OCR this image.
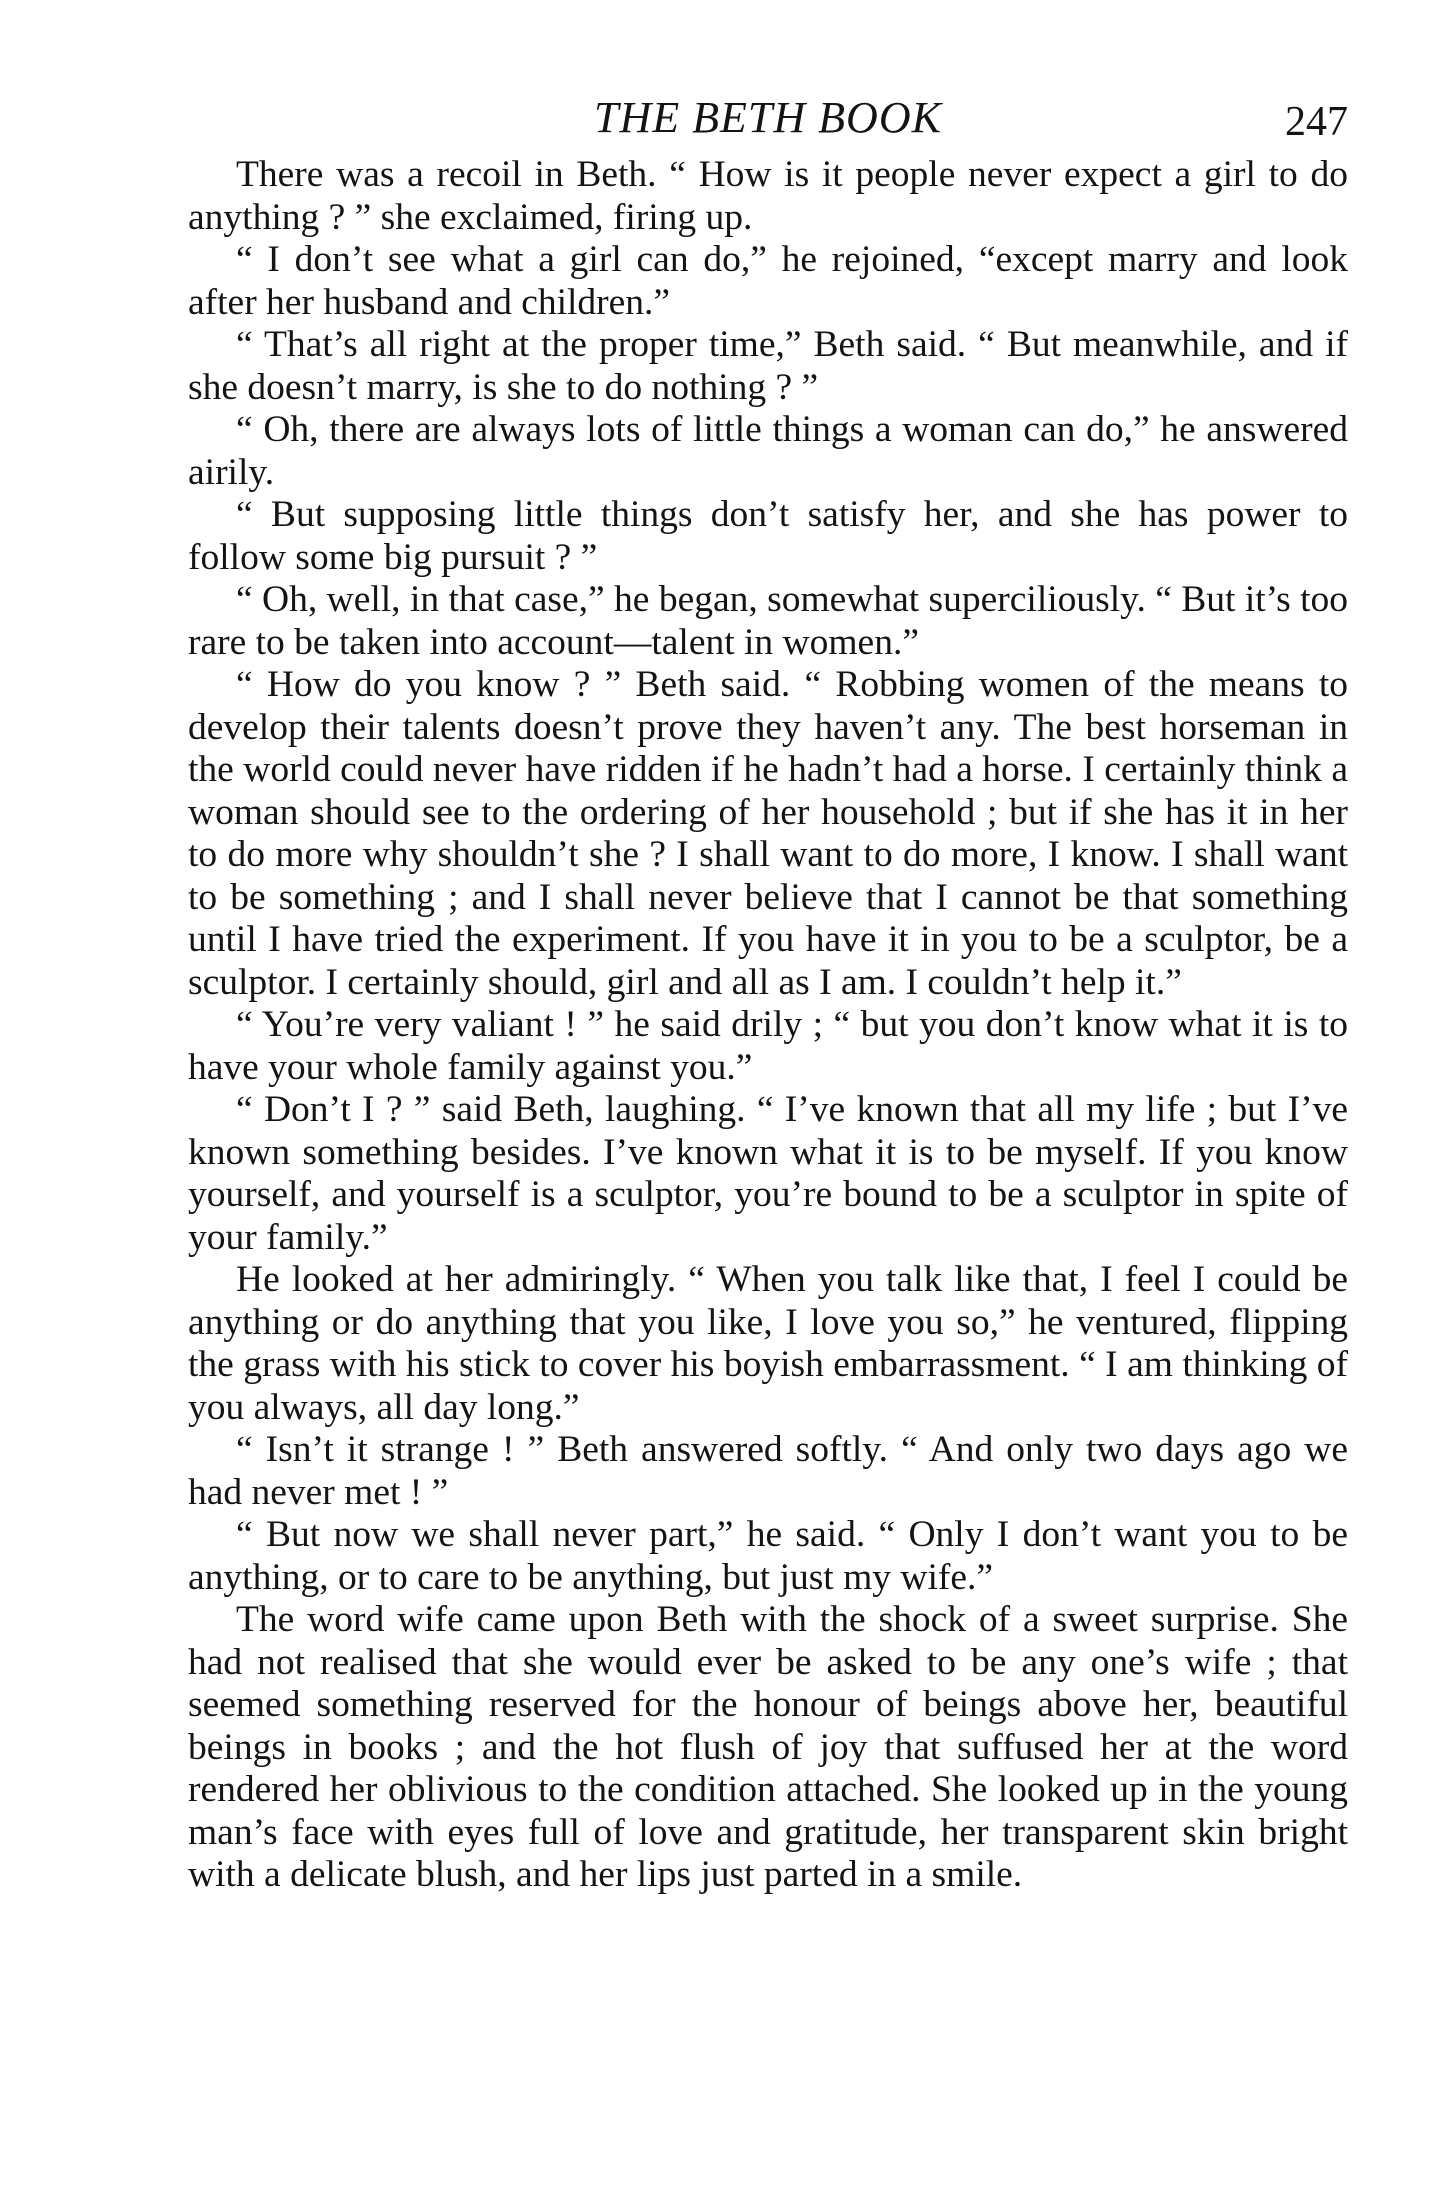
THE BETH BOOK	247

There was a recoil in Beth. “ How is it people never expect a girl to do anything ? ” she exclaimed, firing up.

“ I don’t see what a girl can do,” he rejoined, “except marry and look after her husband and children.”

“ That’s all right at the proper time,” Beth said. “ But meanwhile, and if she doesn’t marry, is she to do nothing ? ”

“ Oh, there are always lots of little things a woman can do,” he answered airily.

“ But supposing little things don’t satisfy her, and she has power to follow some big pursuit ? ”

“ Oh, well, in that case,” he began, somewhat superciliously. “ But it’s too rare to be taken into account—talent in women.”

“ How do you know ? ” Beth said. “ Robbing women of the means to develop their talents doesn’t prove they haven’t any. The best horseman in the world could never have ridden if he hadn’t had a horse. I certainly think a woman should see to the ordering of her household ; but if she has it in her to do more why shouldn’t she ? I shall want to do more, I know. I shall want to be something ; and I shall never believe that I cannot be that something until I have tried the experiment. If you have it in you to be a sculptor, be a sculptor. I certainly should, girl and all as I am. I couldn’t help it.”

“ You’re very valiant ! ” he said drily ; “ but you don’t know what it is to have your whole family against you.”

“ Don’t I ? ” said Beth, laughing. “ I’ve known that all my life ; but I’ve known something besides. I’ve known what it is to be myself. If you know yourself, and yourself is a sculptor, you’re bound to be a sculptor in spite of your family.”

He looked at her admiringly. “ When you talk like that, I feel I could be anything or do anything that you like, I love you so,” he ventured, flipping the grass with his stick to cover his boyish embarrassment. “ I am thinking of you always, all day long.”

“ Isn’t it strange ! ” Beth answered softly. “ And only two days ago we had never met ! ”

“ But now we shall never part,” he said. “ Only I don’t want you to be anything, or to care to be anything, but just my wife.”

The word wife came upon Beth with the shock of a sweet surprise. She had not realised that she would ever be asked to be any one’s wife ; that seemed something reserved for the honour of beings above her, beautiful beings in books ; and the hot flush of joy that suffused her at the word rendered her oblivious to the condition attached. She looked up in the young man’s face with eyes full of love and gratitude, her transparent skin bright with a delicate blush, and her lips just parted in a smile.
